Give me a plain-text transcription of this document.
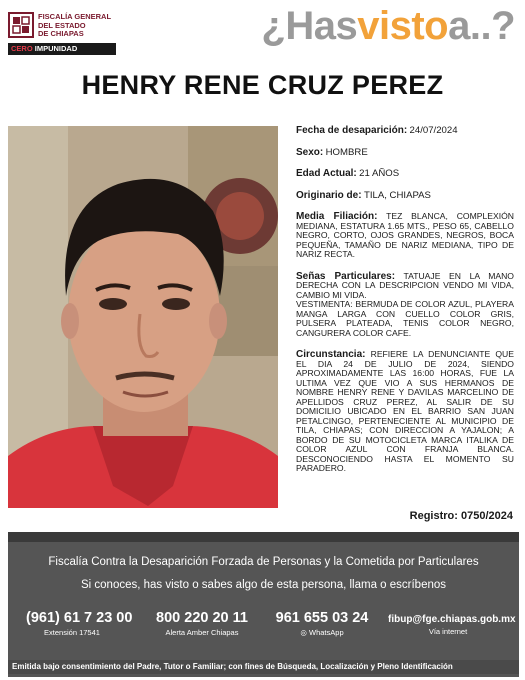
FISCALÍA GENERAL
DEL ESTADO
DE CHIAPAS
CERO IMPUNIDAD
¿Hasvistoa..?
HENRY RENE CRUZ PEREZ
Fecha de desaparición: 24/07/2024
Sexo: HOMBRE
Edad Actual: 21 AÑOS
Originario de: TILA, CHIAPAS
Media Filiación: TEZ BLANCA, COMPLEXIÓN MEDIANA, ESTATURA 1.65 MTS., PESO 65, CABELLO NEGRO, CORTO, OJOS GRANDES, NEGROS, BOCA PEQUEÑA, TAMAÑO DE NARIZ MEDIANA, TIPO DE NARIZ RECTA.
Señas Particulares: TATUAJE EN LA MANO DERECHA CON LA DESCRIPCION VENDO MI VIDA, CAMBIO MI VIDA.
VESTIMENTA: BERMUDA DE COLOR AZUL, PLAYERA MANGA LARGA CON CUELLO COLOR GRIS, PULSERA PLATEADA, TENIS COLOR NEGRO, CANGURERA COLOR CAFE.
Circunstancia: REFIERE LA DENUNCIANTE QUE EL DIA 24 DE JULIO DE 2024, SIENDO APROXIMADAMENTE LAS 16:00 HORAS, FUE LA ULTIMA VEZ QUE VIO A SUS HERMANOS DE NOMBRE HENRY RENE Y DAVILAS MARCELINO DE APELLIDOS CRUZ PEREZ, AL SALIR DE SU DOMICILIO UBICADO EN EL BARRIO SAN JUAN PETALCINGO, PERTENECIENTE AL MUNICIPIO DE TILA, CHIAPAS; CON DIRECCION A YAJALON; A BORDO DE SU MOTOCICLETA MARCA ITALIKA DE COLOR AZUL CON FRANJA BLANCA. DESCONOCIENDO HASTA EL MOMENTO SU PARADERO.
Registro: 0750/2024
Fiscalía Contra la Desaparición Forzada de Personas y la Cometida por Particulares
Si conoces, has visto o sabes algo de esta persona, llama o escríbenos
(961) 61 7 23 00
Extensión 17541
800 220 20 11
Alerta Amber Chiapas
961 655 03 24
◎ WhatsApp
fibup@fge.chiapas.gob.mx
Vía internet
Emitida bajo consentimiento del Padre, Tutor o Familiar; con fines de Búsqueda, Localización y Pleno Identificación
